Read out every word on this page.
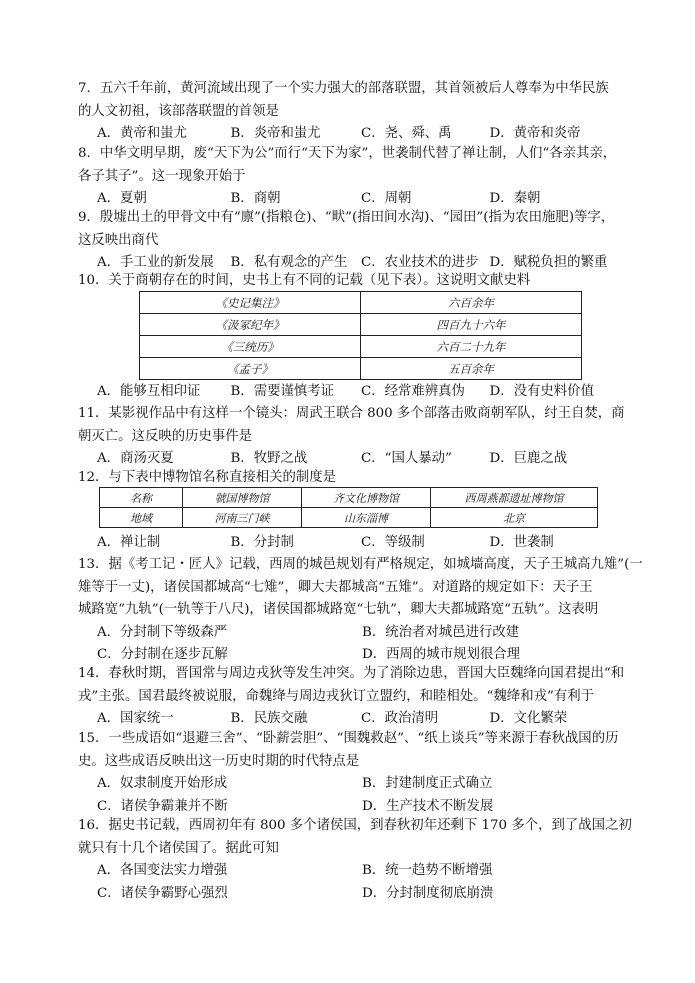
7．五六千年前，黄河流域出现了一个实力强大的部落联盟，其首领被后人尊奉为中华民族

的人文初祖，该部落联盟的首领是

A．黄帝和蚩尤	B．炎帝和蚩尤	C．尧、舜、禹	D．黄帝和炎帝

8．中华文明早期，废“天下为公”而行“天下为家”，世袭制代替了禅让制，人们“各亲其亲，

各子其子”。这一现象开始于

A．夏朝	B．商朝	C．周朝	D．秦朝

9．殷墟出土的甲骨文中有“廪”(指粮仓)、“畎”(指田间水沟)、“园田”(指为农田施肥)等字，

这反映出商代

A．手工业的新发展	B．私有观念的产生	C．农业技术的进步 D．赋税负担的繁重

10．关于商朝存在的时间，史书上有不同的记载（见下表）。这说明文献史料

《史记集注》	六百余年
《汲冢纪年》	四百九十六年
《三统历》	六百二十九年
《孟子》	五百余年
A．能够互相印证	B．需要谨慎考证	C．经常难辨真伪	D．没有史料价值

11．某影视作品中有这样一个镜头：周武王联合 800 多个部落击败商朝军队，纣王自焚，商

朝灭亡。这反映的历史事件是

A．商汤灭夏	B．牧野之战	C．“国人暴动”	D．巨鹿之战

12．与下表中博物馆名称直接相关的制度是

名称	虢国博物馆	齐文化博物馆	西周燕都遗址博物馆
地域	河南三门峡	山东淄博	北京
A．禅让制	B．分封制	C．等级制	D．世袭制

13．据《考工记・匠人》记载，西周的城邑规划有严格规定，如城墙高度，天子王城高九雉”(一

雉等于一丈)，诸侯国都城高“七雉”，卿大夫都城高“五雉”。对道路的规定如下：天子王

城路宽“九轨”(一轨等于八尺)，诸侯国都城路宽“七轨”，卿大夫都城路宽“五轨”。这表明

A．分封制下等级森严	B．统治者对城邑进行改建
C．分封制在逐步瓦解	D．西周的城市规划很合理

14．春秋时期，晋国常与周边戎狄等发生冲突。为了消除边患，晋国大臣魏绛向国君提出“和

戎”主张。国君最终被说服，命魏绛与周边戎狄订立盟约，和睦相处。“魏绛和戎”有利于

A．国家统一	B．民族交融	C．政治清明	D．文化繁荣

15．一些成语如“退避三舍”、“卧薪尝胆”、“围魏救赵”、“纸上谈兵”等来源于春秋战国的历

史。这些成语反映出这一历史时期的时代特点是

A．奴隶制度开始形成	B．封建制度正式确立
C．诸侯争霸兼并不断	D．生产技术不断发展

16．据史书记载，西周初年有 800 多个诸侯国，到春秋初年还剩下 170 多个，到了战国之初

就只有十几个诸侯国了。据此可知

A．各国变法实力增强	B．统一趋势不断增强
C．诸侯争霸野心强烈	D．分封制度彻底崩溃
